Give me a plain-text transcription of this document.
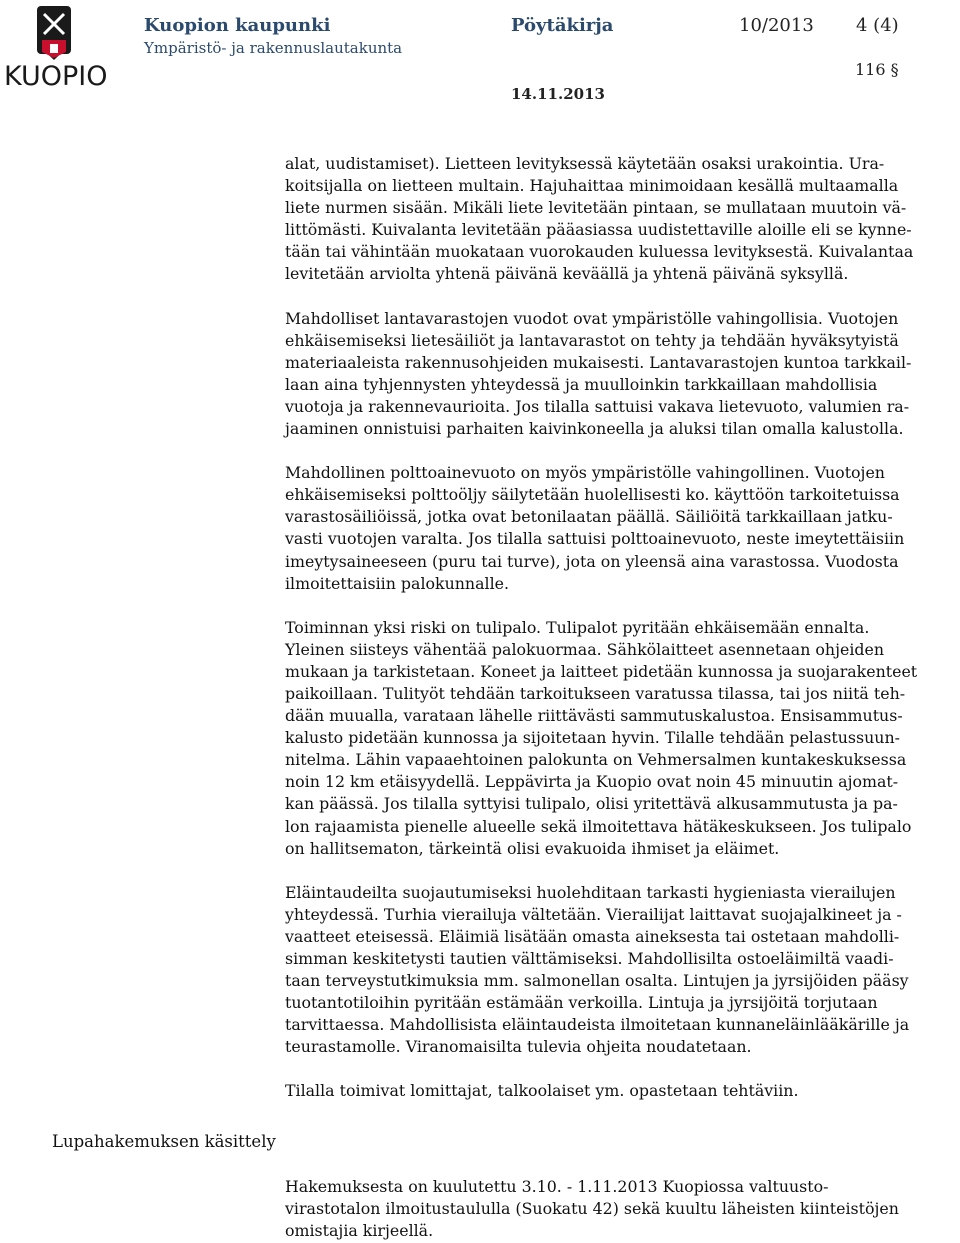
KUOPIO
Kuopion kaupunki	Pöytäkirja	10/2013 4 (4)
Ympäristö- ja rakennuslautakunta
116 §
14.11.2013

alat, uudistamiset). Lietteen levityksessä käytetään osaksi urakointia. Ura-
koitsijalla on lietteen multain. Hajuhaittaa minimoidaan kesällä multaamalla
liete nurmen sisään. Mikäli liete levitetään pintaan, se mullataan muutoin vä-
littömästi. Kuivalanta levitetään pääasiassa uudistettaville aloille eli se kynne-
tään tai vähintään muokataan vuorokauden kuluessa levityksestä. Kuivalantaa
levitetään arviolta yhtenä päivänä keväällä ja yhtenä päivänä syksyllä.

Mahdolliset lantavarastojen vuodot ovat ympäristölle vahingollisia. Vuotojen
ehkäisemiseksi lietesäiliöt ja lantavarastot on tehty ja tehdään hyväksytyistä
materiaaleista rakennusohjeiden mukaisesti. Lantavarastojen kuntoa tarkkail-
laan aina tyhjennysten yhteydessä ja muulloinkin tarkkaillaan mahdollisia
vuotoja ja rakennevaurioita. Jos tilalla sattuisi vakava lietevuoto, valumien ra-
jaaminen onnistuisi parhaiten kaivinkoneella ja aluksi tilan omalla kalustolla.

Mahdollinen polttoainevuoto on myös ympäristölle vahingollinen. Vuotojen
ehkäisemiseksi polttoöljy säilytetään huolellisesti ko. käyttöön tarkoitetuissa
varastosäiliöissä, jotka ovat betonilaatan päällä. Säiliöitä tarkkaillaan jatku-
vasti vuotojen varalta. Jos tilalla sattuisi polttoainevuoto, neste imeytettäisiin
imeytysaineeseen (puru tai turve), jota on yleensä aina varastossa. Vuodosta
ilmoitettaisiin palokunnalle.

Toiminnan yksi riski on tulipalo. Tulipalot pyritään ehkäisemään ennalta.
Yleinen siisteys vähentää palokuormaa. Sähkölaitteet asennetaan ohjeiden
mukaan ja tarkistetaan. Koneet ja laitteet pidetään kunnossa ja suojarakenteet
paikoillaan. Tulityöt tehdään tarkoitukseen varatussa tilassa, tai jos niitä teh-
dään muualla, varataan lähelle riittävästi sammutuskalustoa. Ensisammutus-
kalusto pidetään kunnossa ja sijoitetaan hyvin. Tilalle tehdään pelastussuun-
nitelma. Lähin vapaaehtoinen palokunta on Vehmersalmen kuntakeskuksessa
noin 12 km etäisyydellä. Leppävirta ja Kuopio ovat noin 45 minuutin ajomat-
kan päässä. Jos tilalla syttyisi tulipalo, olisi yritettävä alkusammutusta ja pa-
lon rajaamista pienelle alueelle sekä ilmoitettava hätäkeskukseen. Jos tulipalo
on hallitsematon, tärkeintä olisi evakuoida ihmiset ja eläimet.

Eläintaudeilta suojautumiseksi huolehditaan tarkasti hygieniasta vierailujen
yhteydessä. Turhia vierailuja vältetään. Vierailijat laittavat suojajalkineet ja -
vaatteet eteisessä. Eläimiä lisätään omasta aineksesta tai ostetaan mahdolli-
simman keskitetysti tautien välttämiseksi. Mahdollisilta ostoeläimiltä vaadi-
taan terveystutkimuksia mm. salmonellan osalta. Lintujen ja jyrsijöiden pääsy
tuotantotiloihin pyritään estämään verkoilla. Lintuja ja jyrsijöitä torjutaan
tarvittaessa. Mahdollisista eläintaudeista ilmoitetaan kunnaneläinlääkärille ja
teurastamolle. Viranomaisilta tulevia ohjeita noudatetaan.

Tilalla toimivat lomittajat, talkoolaiset ym. opastetaan tehtäviin.

Lupahakemuksen käsittely
Hakemuksesta on kuulutettu 3.10. - 1.11.2013 Kuopiossa valtuusto-
virastotalon ilmoitustaululla (Suokatu 42) sekä kuultu läheisten kiinteistöjen
omistajia kirjeellä.
